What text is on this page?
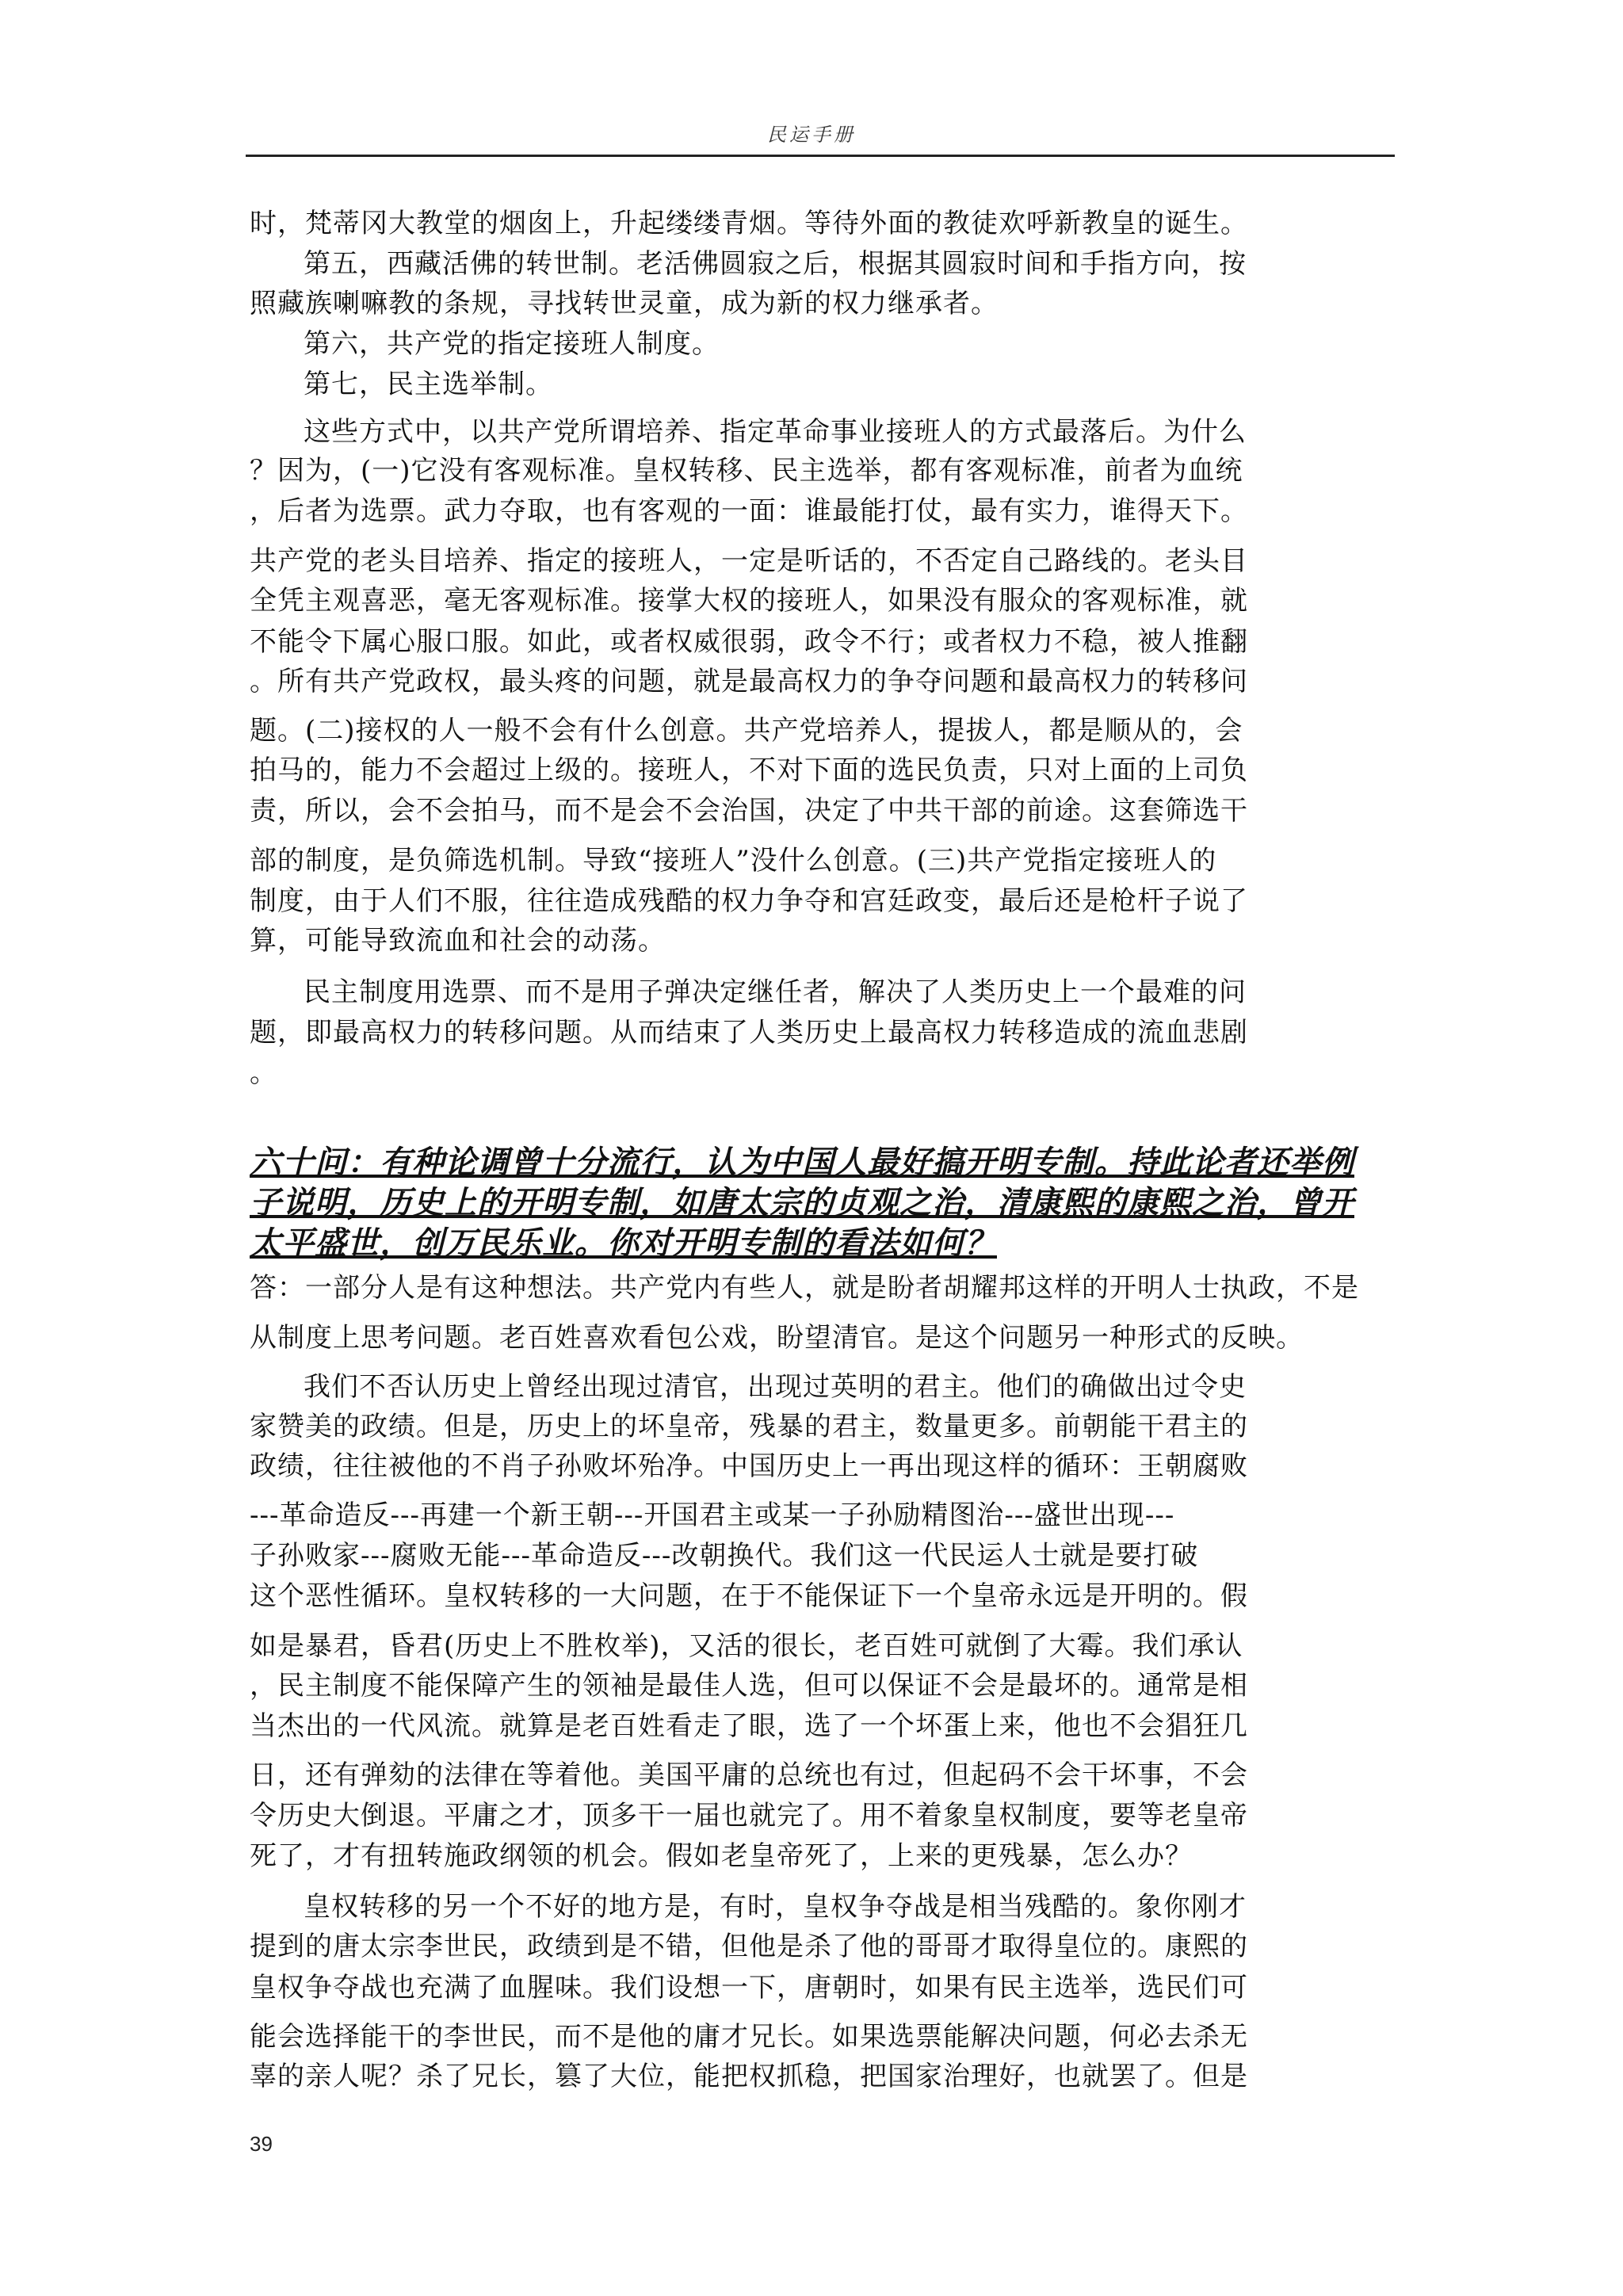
民运手册
时，梵蒂冈大教堂的烟囱上，升起缕缕青烟。等待外面的教徒欢呼新教皇的诞生。
第五，西藏活佛的转世制。老活佛圆寂之后，根据其圆寂时间和手指方向，按
照藏族喇嘛教的条规，寻找转世灵童，成为新的权力继承者。
第六，共产党的指定接班人制度。
第七，民主选举制。
这些方式中，以共产党所谓培养、指定革命事业接班人的方式最落后。为什么
？因为，(一)它没有客观标准。皇权转移、民主选举，都有客观标准，前者为血统
，后者为选票。武力夺取，也有客观的一面：谁最能打仗，最有实力，谁得天下。
共产党的老头目培养、指定的接班人，一定是听话的，不否定自己路线的。老头目
全凭主观喜恶，毫无客观标准。接掌大权的接班人，如果没有服众的客观标准，就
不能令下属心服口服。如此，或者权威很弱，政令不行；或者权力不稳，被人推翻
。所有共产党政权，最头疼的问题，就是最高权力的争夺问题和最高权力的转移问
题。(二)接权的人一般不会有什么创意。共产党培养人，提拔人，都是顺从的，会
拍马的，能力不会超过上级的。接班人，不对下面的选民负责，只对上面的上司负
责，所以，会不会拍马，而不是会不会治国，决定了中共干部的前途。这套筛选干
部的制度，是负筛选机制。导致“接班人”没什么创意。(三)共产党指定接班人的
制度，由于人们不服，往往造成残酷的权力争夺和宫廷政变，最后还是枪杆子说了
算，可能导致流血和社会的动荡。
民主制度用选票、而不是用子弹决定继任者，解决了人类历史上一个最难的问
题，即最高权力的转移问题。从而结束了人类历史上最高权力转移造成的流血悲剧
。
六十问：有种论调曾十分流行，认为中国人最好搞开明专制。持此论者还举例
子说明，历史上的开明专制，如唐太宗的贞观之治，清康熙的康熙之治，曾开
太平盛世，创万民乐业。你对开明专制的看法如何？
答：一部分人是有这种想法。共产党内有些人，就是盼者胡耀邦这样的开明人士执政，不是
从制度上思考问题。老百姓喜欢看包公戏，盼望清官。是这个问题另一种形式的反映。
我们不否认历史上曾经出现过清官，出现过英明的君主。他们的确做出过令史
家赞美的政绩。但是，历史上的坏皇帝，残暴的君主，数量更多。前朝能干君主的
政绩，往往被他的不肖子孙败坏殆净。中国历史上一再出现这样的循环：王朝腐败
---革命造反---再建一个新王朝---开国君主或某一子孙励精图治---盛世出现---
子孙败家---腐败无能---革命造反---改朝换代。我们这一代民运人士就是要打破
这个恶性循环。皇权转移的一大问题，在于不能保证下一个皇帝永远是开明的。假
如是暴君，昏君(历史上不胜枚举)，又活的很长，老百姓可就倒了大霉。我们承认
，民主制度不能保障产生的领袖是最佳人选，但可以保证不会是最坏的。通常是相
当杰出的一代风流。就算是老百姓看走了眼，选了一个坏蛋上来，他也不会猖狂几
日，还有弹劾的法律在等着他。美国平庸的总统也有过，但起码不会干坏事，不会
令历史大倒退。平庸之才，顶多干一届也就完了。用不着象皇权制度，要等老皇帝
死了，才有扭转施政纲领的机会。假如老皇帝死了，上来的更残暴，怎么办？
皇权转移的另一个不好的地方是，有时，皇权争夺战是相当残酷的。象你刚才
提到的唐太宗李世民，政绩到是不错，但他是杀了他的哥哥才取得皇位的。康熙的
皇权争夺战也充满了血腥味。我们设想一下，唐朝时，如果有民主选举，选民们可
能会选择能干的李世民，而不是他的庸才兄长。如果选票能解决问题，何必去杀无
辜的亲人呢？杀了兄长，篡了大位，能把权抓稳，把国家治理好，也就罢了。但是
39
